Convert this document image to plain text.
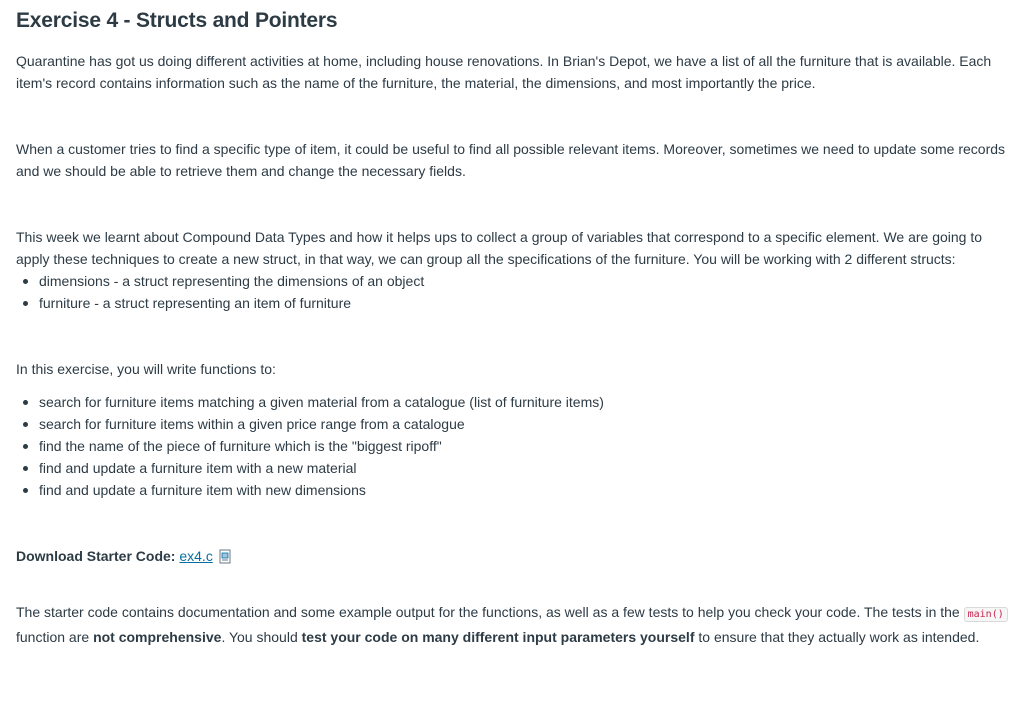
Exercise 4 - Structs and Pointers

Quarantine has got us doing different activities at home, including house renovations. In Brian's Depot, we have a list of all the furniture that is available. Each item's record contains information such as the name of the furniture, the material, the dimensions, and most importantly the price.

When a customer tries to find a specific type of item, it could be useful to find all possible relevant items. Moreover, sometimes we need to update some records and we should be able to retrieve them and change the necessary fields.

This week we learnt about Compound Data Types and how it helps ups to collect a group of variables that correspond to a specific element. We are going to apply these techniques to create a new struct, in that way, we can group all the specifications of the furniture. You will be working with 2 different structs:

dimensions - a struct representing the dimensions of an object
furniture - a struct representing an item of furniture

In this exercise, you will write functions to:

search for furniture items matching a given material from a catalogue (list of furniture items)
search for furniture items within a given price range from a catalogue
find the name of the piece of furniture which is the "biggest ripoff"
find and update a furniture item with a new material
find and update a furniture item with new dimensions

Download Starter Code: ex4.c

The starter code contains documentation and some example output for the functions, as well as a few tests to help you check your code. The tests in the main() function are not comprehensive. You should test your code on many different input parameters yourself to ensure that they actually work as intended.
